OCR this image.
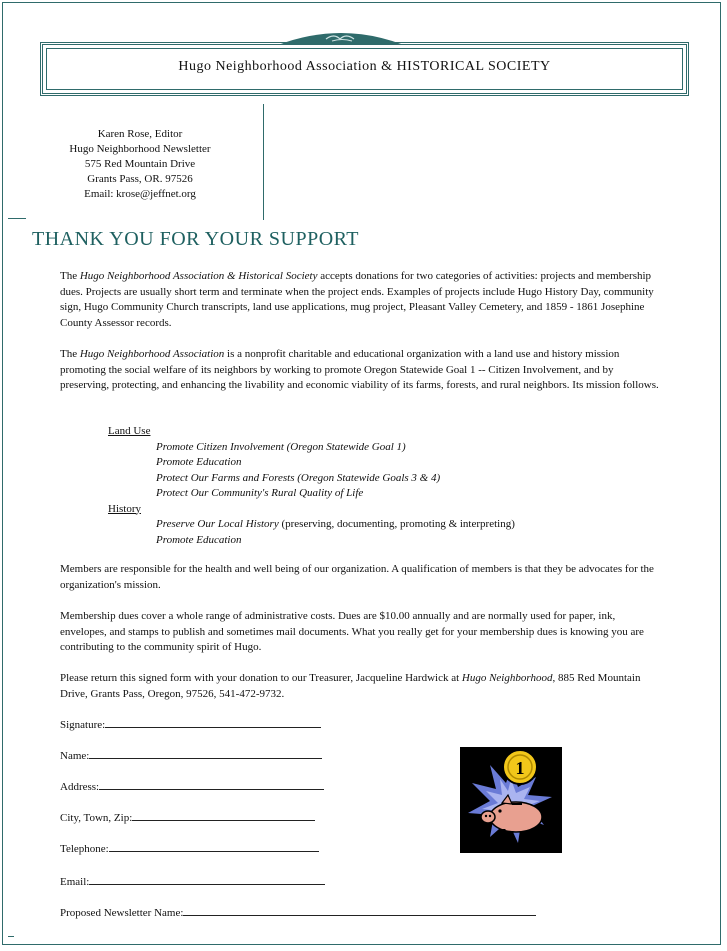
Hugo Neighborhood Association & HISTORICAL SOCIETY
Karen Rose, Editor
Hugo Neighborhood Newsletter
575 Red Mountain Drive
Grants Pass, OR. 97526
Email: krose@jeffnet.org
THANK YOU FOR YOUR SUPPORT
The Hugo Neighborhood Association & Historical Society accepts donations for two categories of activities: projects and membership dues. Projects are usually short term and terminate when the project ends. Examples of projects include Hugo History Day, community sign, Hugo Community Church transcripts, land use applications, mug project, Pleasant Valley Cemetery, and 1859 - 1861 Josephine County Assessor records.
The Hugo Neighborhood Association is a nonprofit charitable and educational organization with a land use and history mission promoting the social welfare of its neighbors by working to promote Oregon Statewide Goal 1 -- Citizen Involvement, and by preserving, protecting, and enhancing the livability and economic viability of its farms, forests, and rural neighbors. Its mission follows.
Land Use
Promote Citizen Involvement (Oregon Statewide Goal 1)
Promote Education
Protect Our Farms and Forests (Oregon Statewide Goals 3 & 4)
Protect Our Community's Rural Quality of Life
History
Preserve Our Local History (preserving, documenting, promoting & interpreting)
Promote Education
Members are responsible for the health and well being of our organization. A qualification of members is that they be advocates for the organization's mission.
Membership dues cover a whole range of administrative costs. Dues are $10.00 annually and are normally used for paper, ink, envelopes, and stamps to publish and sometimes mail documents. What you really get for your membership dues is knowing you are contributing to the community spirit of Hugo.
Please return this signed form with your donation to our Treasurer, Jacqueline Hardwick at Hugo Neighborhood, 885 Red Mountain Drive, Grants Pass, Oregon, 97526, 541-472-9732.
Signature:
Name:
Address:
City, Town, Zip:
Telephone:
Email:
Proposed Newsletter Name:
1
